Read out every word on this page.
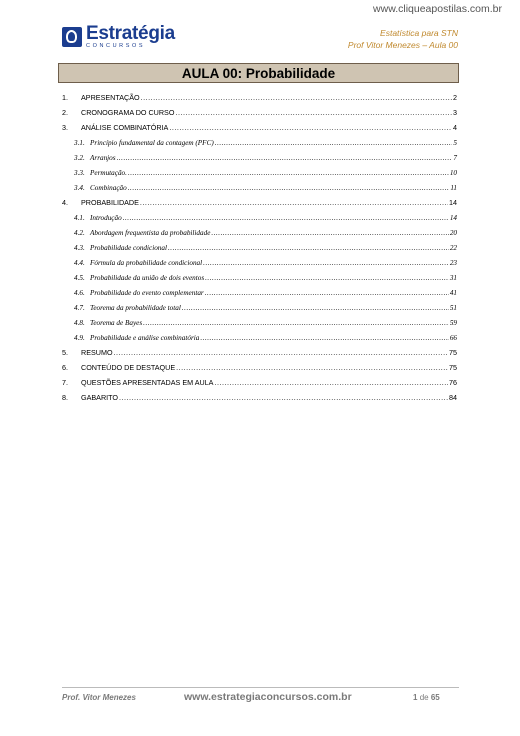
www.cliqueapostilas.com.br
Estratégia
CONCURSOS
Estatística para STN
Prof Vitor Menezes – Aula 00
AULA 00: Probabilidade
1.	APRESENTAÇÃO .....	2
2.	CRONOGRAMA DO CURSO .....	3
3.	ANÁLISE COMBINATÓRIA .....	4
3.1. Princípio fundamental da contagem (PFC) .....	5
3.2. Arranjos .....	7
3.3. Permutação. .....	10
3.4. Combinação .....	11
4.	PROBABILIDADE .....	14
4.1. Introdução .....	14
4.2. Abordagem frequentista da probabilidade .....	20
4.3. Probabilidade condicional .....	22
4.4. Fórmula da probabilidade condicional .....	23
4.5. Probabilidade da união de dois eventos .....	31
4.6. Probabilidade do evento complementar .....	41
4.7. Teorema da probabilidade total .....	51
4.8. Teorema de Bayes .....	59
4.9. Probabilidade e análise combinatória .....	66
5.	RESUMO .....	75
6.	CONTEÚDO DE DESTAQUE .....	75
7.	QUESTÕES APRESENTADAS EM AULA .....	76
8.	GABARITO .....	84
Prof. Vitor Menezes	www.estrategiaconcursos.com.br	1 de 65
